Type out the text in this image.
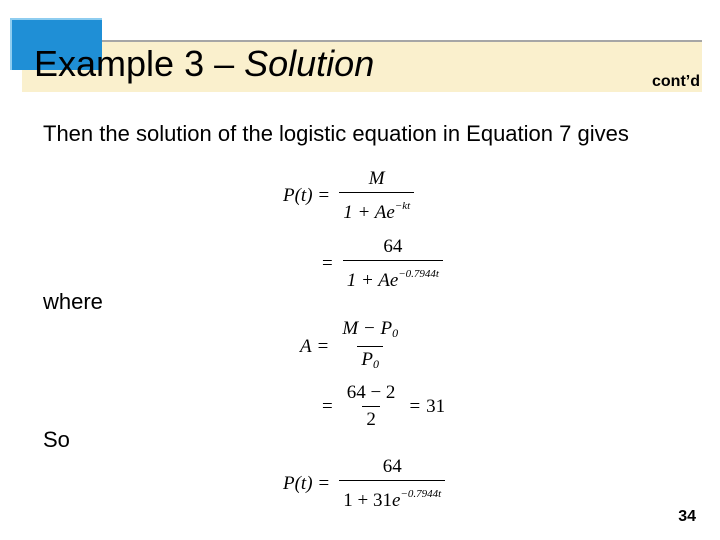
Example 3 – Solution	cont’d
Then the solution of the logistic equation in Equation 7 gives
$P(t) = \frac{M}{1 + Ae^{-kt}}$
= $\frac{64}{1 + Ae^{-0.7944t}}$
where
$A = \frac{M - P_0}{P_0}$
= $\frac{64 - 2}{2} = 31$
So
$P(t) = \frac{64}{1 + 31e^{-0.7944t}}$
34
